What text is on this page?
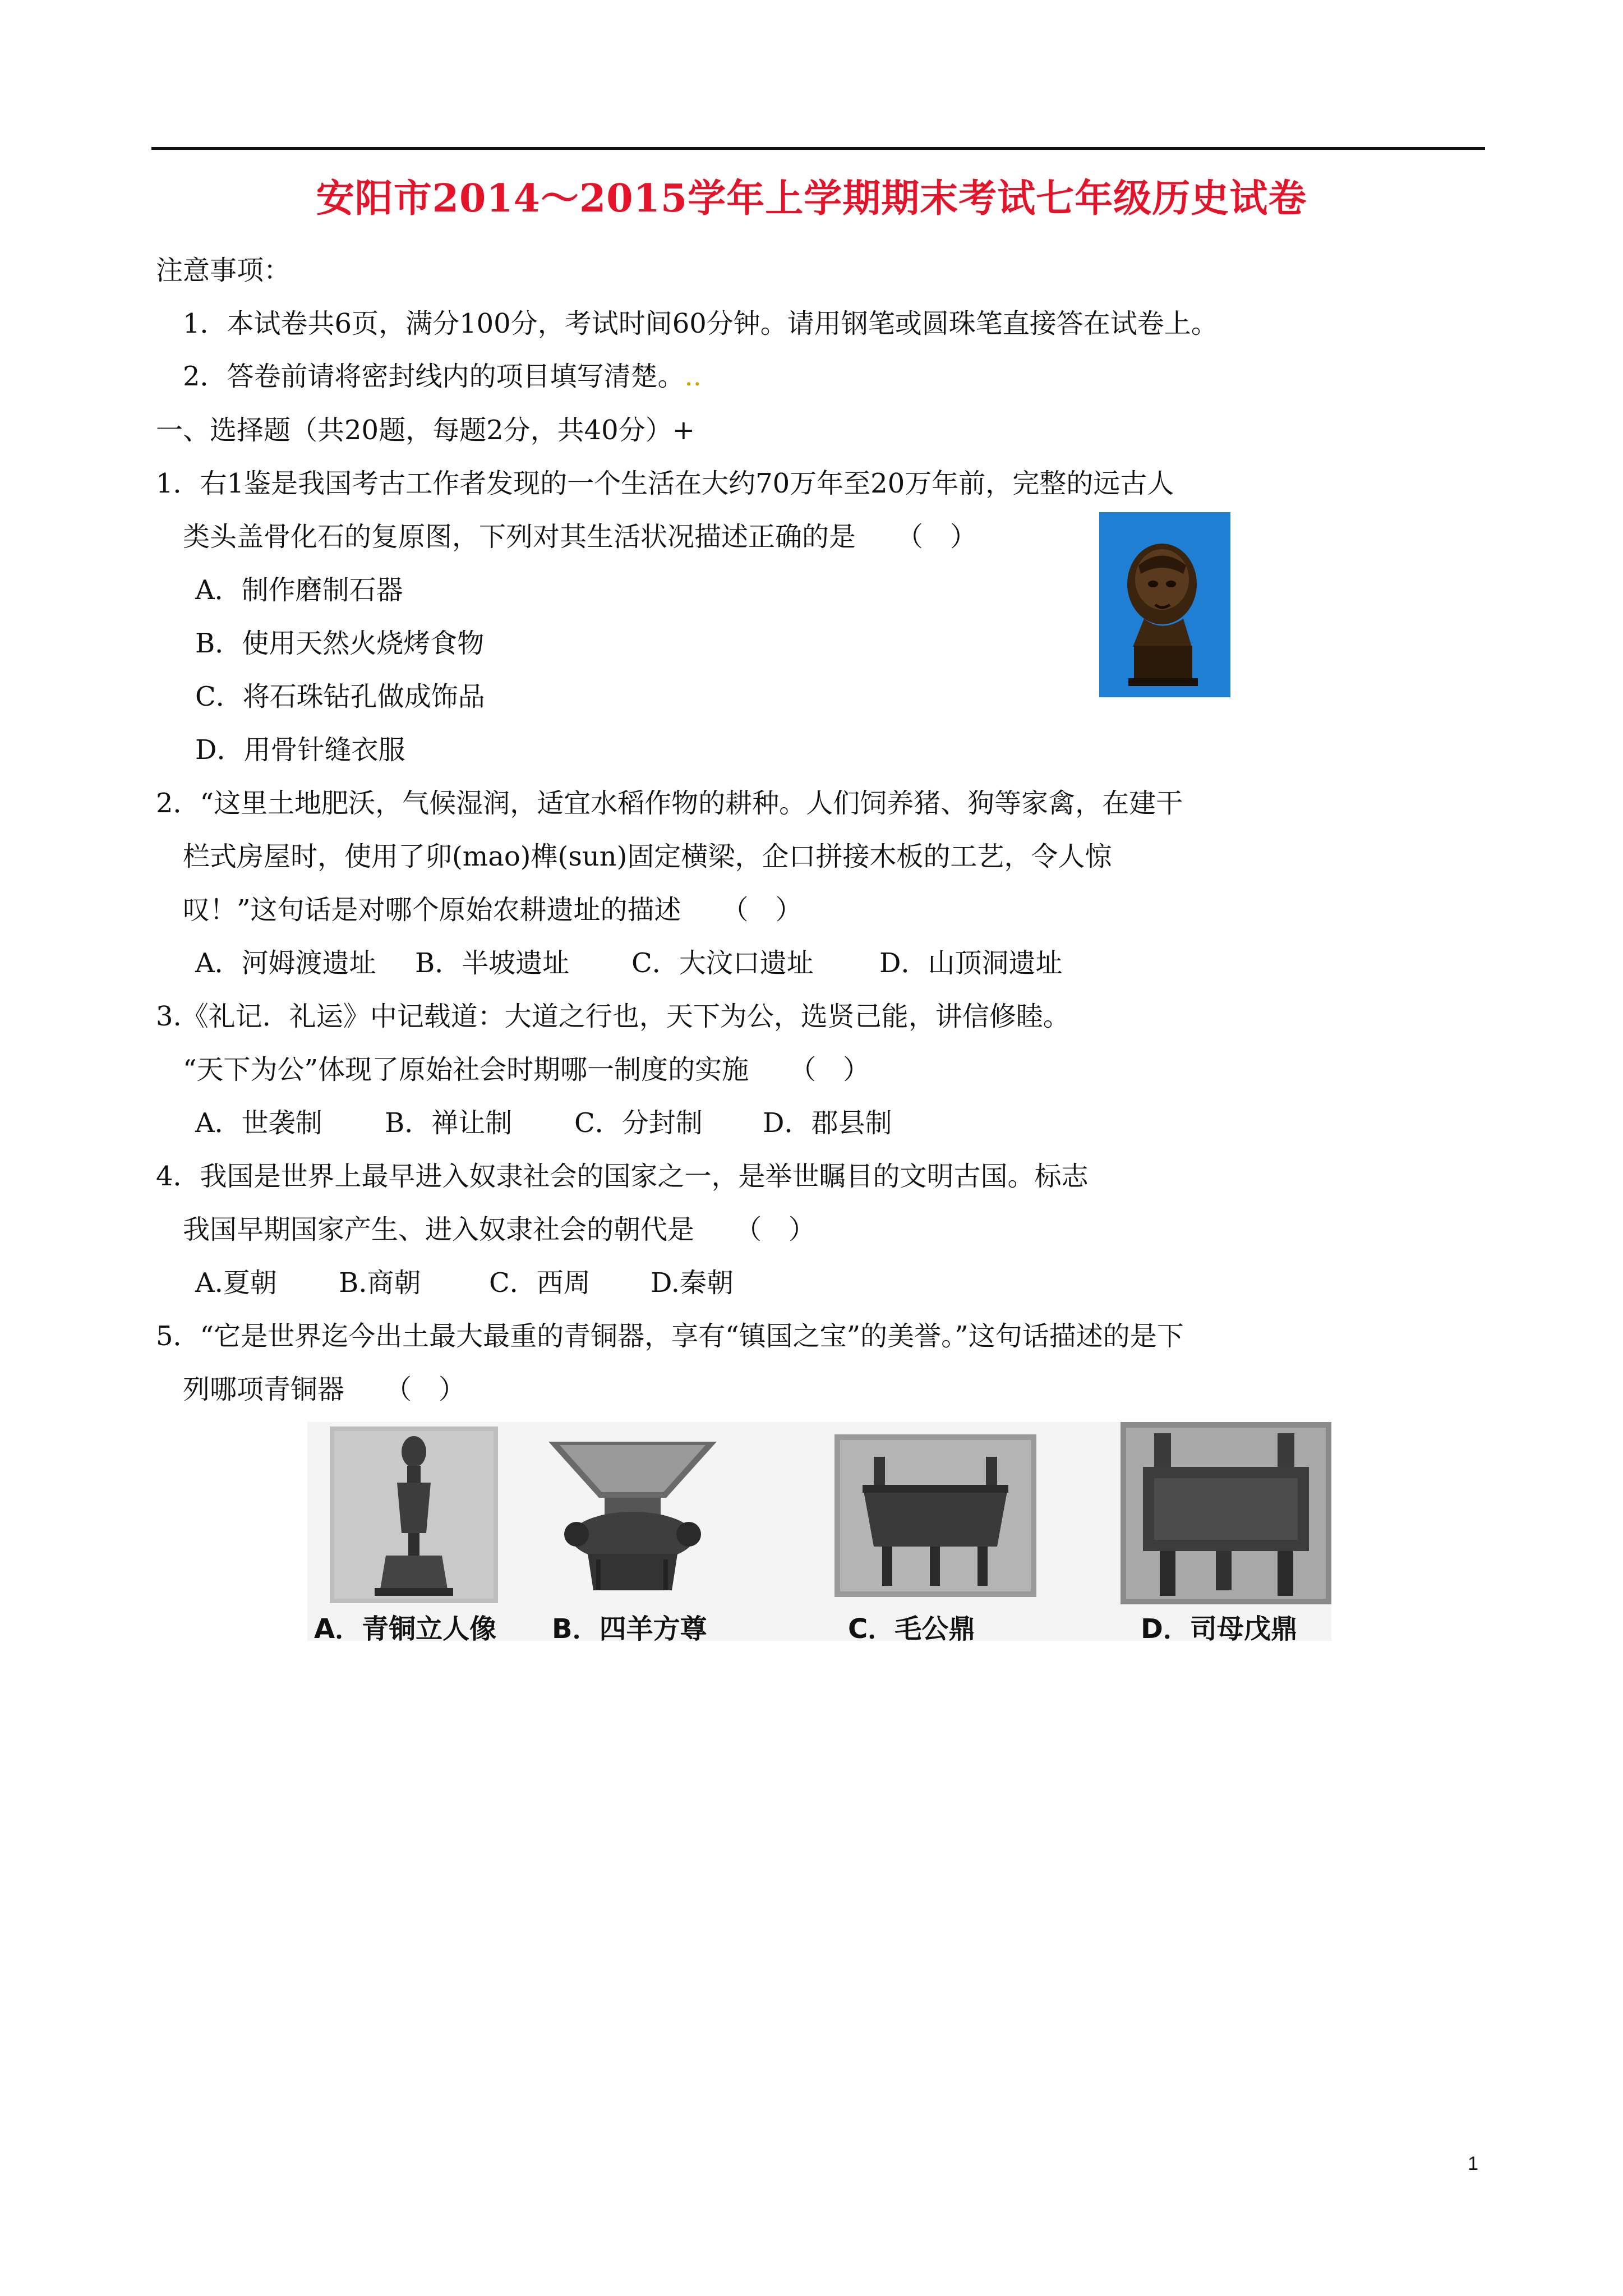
安阳市2014～2015学年上学期期末考试七年级历史试卷
注意事项：
1．本试卷共6页，满分100分，考试时间60分钟。请用钢笔或圆珠笔直接答在试卷上。
2．答卷前请将密封线内的项目填写清楚。..
一、选择题（共20题，每题2分，共40分）+
1．右1鉴是我国考古工作者发现的一个生活在大约70万年至20万年前，完整的远古人
类头盖骨化石的复原图，下列对其生活状况描述正确的是　　（　）
A．制作磨制石器
B．使用天然火烧烤食物
C．将石珠钻孔做成饰品
D．用骨针缝衣服
2．“这里土地肥沃，气候湿润，适宜水稻作物的耕种。人们饲养猪、狗等家禽，在建干
栏式房屋时，使用了卯(mao)榫(sun)固定横梁，企口拼接木板的工艺，令人惊
叹！”这句话是对哪个原始农耕遗址的描述　　（　）
A．河姆渡遗址 B．半坡遗址 C．大汶口遗址 D．山顶洞遗址
3.《礼记．礼运》中记载道：大道之行也，天下为公，选贤己能，讲信修睦。
“天下为公”体现了原始社会时期哪一制度的实施　　（　）
A．世袭制 B．禅让制 C．分封制 D．郡县制
4．我国是世界上最早进入奴隶社会的国家之一，是举世瞩目的文明古国。标志
我国早期国家产生、进入奴隶社会的朝代是　　（　）
A.夏朝 B.商朝	C．西周 D.秦朝
5．“它是世界迄今出土最大最重的青铜器，享有“镇国之宝”的美誉。”这句话描述的是下
列哪项青铜器　　（　）
A．青铜立人像 B．四羊方尊	C．毛公鼎	D．司母戊鼎
1
